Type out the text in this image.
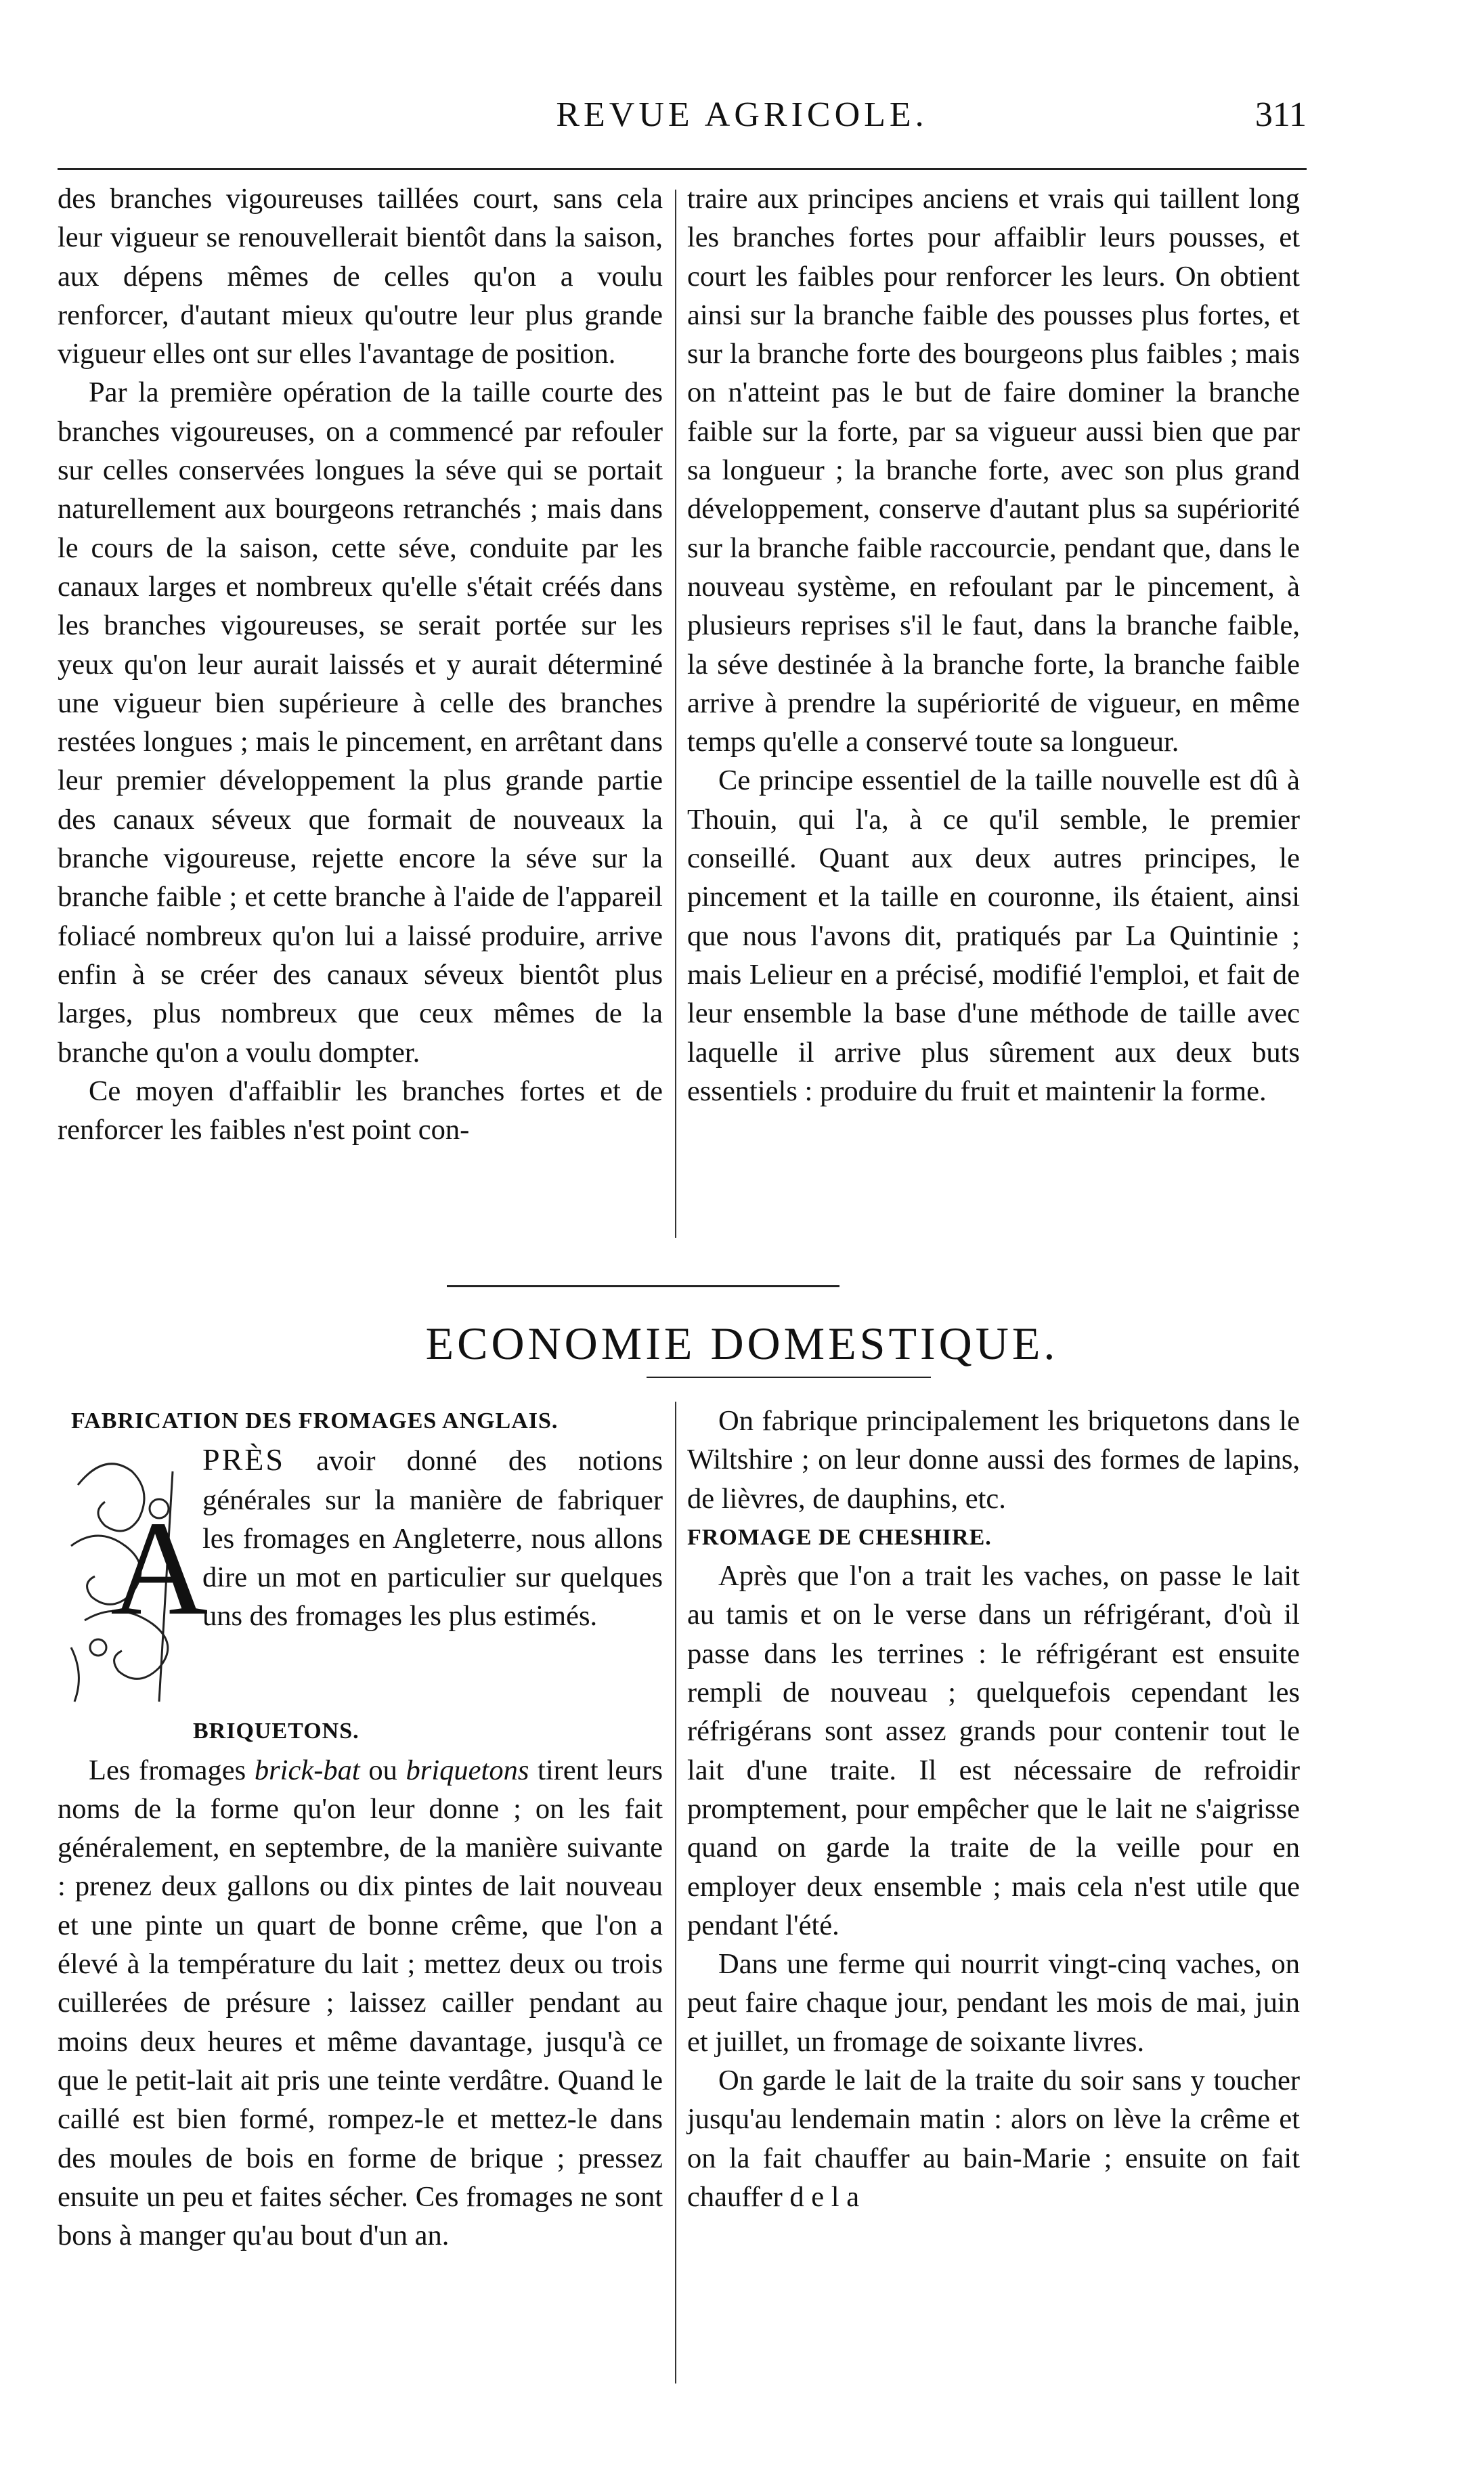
REVUE AGRICOLE.	311

des branches vigoureuses taillées court, sans cela leur vigueur se renouvellerait bientôt dans la saison, aux dépens mêmes de celles qu'on a voulu renforcer, d'autant mieux qu'outre leur plus grande vigueur elles ont sur elles l'avantage de position.

Par la première opération de la taille courte des branches vigoureuses, on a commencé par refouler sur celles conservées longues la séve qui se portait naturellement aux bourgeons retranchés ; mais dans le cours de la saison, cette séve, conduite par les canaux larges et nombreux qu'elle s'était créés dans les branches vigoureuses, se serait portée sur les yeux qu'on leur aurait laissés et y aurait déterminé une vigueur bien supérieure à celle des branches restées longues ; mais le pincement, en arrêtant dans leur premier développement la plus grande partie des canaux séveux que formait de nouveaux la branche vigoureuse, rejette encore la séve sur la branche faible ; et cette branche à l'aide de l'appareil foliacé nombreux qu'on lui a laissé produire, arrive enfin à se créer des canaux séveux bientôt plus larges, plus nombreux que ceux mêmes de la branche qu'on a voulu dompter.

Ce moyen d'affaiblir les branches fortes et de renforcer les faibles n'est point con-

traire aux principes anciens et vrais qui taillent long les branches fortes pour affaiblir leurs pousses, et court les faibles pour renforcer les leurs. On obtient ainsi sur la branche faible des pousses plus fortes, et sur la branche forte des bourgeons plus faibles ; mais on n'atteint pas le but de faire dominer la branche faible sur la forte, par sa vigueur aussi bien que par sa longueur ; la branche forte, avec son plus grand développement, conserve d'autant plus sa supériorité sur la branche faible raccourcie, pendant que, dans le nouveau système, en refoulant par le pincement, à plusieurs reprises s'il le faut, dans la branche faible, la séve destinée à la branche forte, la branche faible arrive à prendre la supériorité de vigueur, en même temps qu'elle a conservé toute sa longueur.

Ce principe essentiel de la taille nouvelle est dû à Thouin, qui l'a, à ce qu'il semble, le premier conseillé. Quant aux deux autres principes, le pincement et la taille en couronne, ils étaient, ainsi que nous l'avons dit, pratiqués par La Quintinie ; mais Lelieur en a précisé, modifié l'emploi, et fait de leur ensemble la base d'une méthode de taille avec laquelle il arrive plus sûrement aux deux buts essentiels : produire du fruit et maintenir la forme.

ECONOMIE DOMESTIQUE.

FABRICATION DES FROMAGES ANGLAIS.

A

PRÈS avoir donné des notions générales sur la manière de fabriquer les fromages en Angleterre, nous allons dire un mot en particulier sur quelques uns des fromages les plus estimés.

BRIQUETONS.

Les fromages brick-bat ou briquetons tirent leurs noms de la forme qu'on leur donne ; on les fait généralement, en septembre, de la manière suivante : prenez deux gallons ou dix pintes de lait nouveau et une pinte un quart de bonne crême, que l'on a élevé à la température du lait ; mettez deux ou trois cuillerées de présure ; laissez cailler pendant au moins deux heures et même davantage, jusqu'à ce que le petit-lait ait pris une teinte verdâtre. Quand le caillé est bien formé, rompez-le et mettez-le dans des moules de bois en forme de brique ; pressez ensuite un peu et faites sécher. Ces fromages ne sont bons à manger qu'au bout d'un an.

On fabrique principalement les briquetons dans le Wiltshire ; on leur donne aussi des formes de lapins, de lièvres, de dauphins, etc.

FROMAGE DE CHESHIRE.

Après que l'on a trait les vaches, on passe le lait au tamis et on le verse dans un réfrigérant, d'où il passe dans les terrines : le réfrigérant est ensuite rempli de nouveau ; quelquefois cependant les réfrigérans sont assez grands pour contenir tout le lait d'une traite. Il est nécessaire de refroidir promptement, pour empêcher que le lait ne s'aigrisse quand on garde la traite de la veille pour en employer deux ensemble ; mais cela n'est utile que pendant l'été.

Dans une ferme qui nourrit vingt-cinq vaches, on peut faire chaque jour, pendant les mois de mai, juin et juillet, un fromage de soixante livres.

On garde le lait de la traite du soir sans y toucher jusqu'au lendemain matin : alors on lève la crême et on la fait chauffer au bain-Marie ; ensuite on fait chauffer d e l a
